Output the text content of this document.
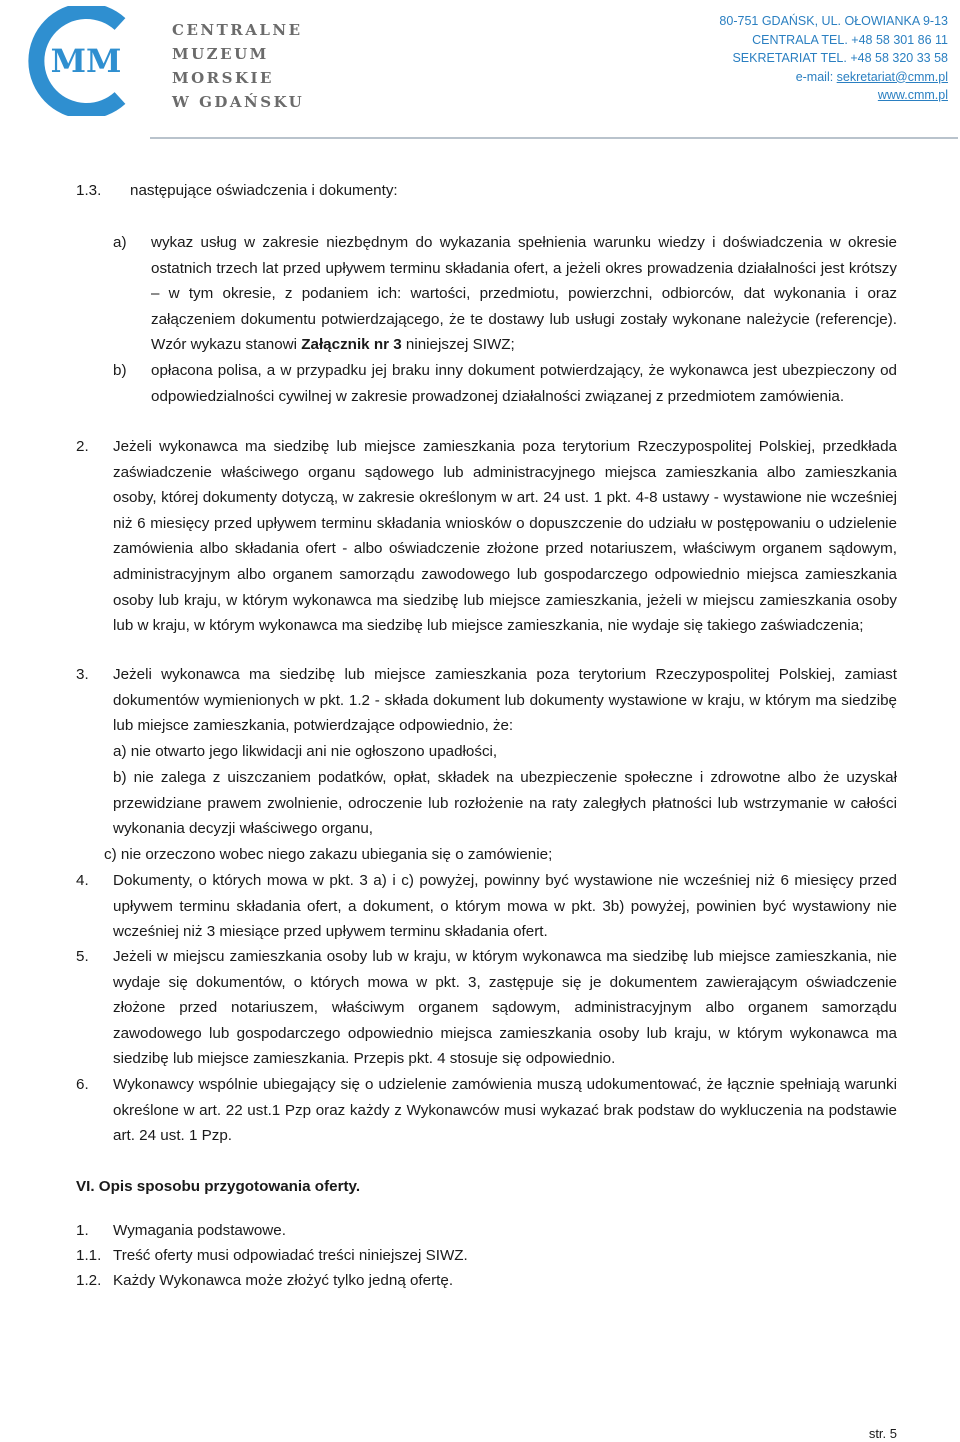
MM
CENTRALNE
MUZEUM
MORSKIE
W GDAŃSKU
80-751 GDAŃSK, UL. OŁOWIANKA 9-13
CENTRALA TEL. +48 58 301 86 11
SEKRETARIAT TEL. +48 58 320 33 58
e-mail: sekretariat@cmm.pl
www.cmm.pl
1.3. następujące oświadczenia i dokumenty:
a) wykaz usług w zakresie niezbędnym do wykazania spełnienia warunku wiedzy i doświadczenia w okresie ostatnich trzech lat przed upływem terminu składania ofert, a jeżeli okres prowadzenia działalności jest krótszy – w tym okresie, z podaniem ich: wartości, przedmiotu, powierzchni, odbiorców, dat wykonania i oraz załączeniem dokumentu potwierdzającego, że te dostawy lub usługi zostały wykonane należycie (referencje). Wzór wykazu stanowi Załącznik nr 3 niniejszej SIWZ;
b) opłacona polisa, a w przypadku jej braku inny dokument potwierdzający, że wykonawca jest ubezpieczony od odpowiedzialności cywilnej w zakresie prowadzonej działalności związanej z przedmiotem zamówienia.
2. Jeżeli wykonawca ma siedzibę lub miejsce zamieszkania poza terytorium Rzeczypospolitej Polskiej, przedkłada zaświadczenie właściwego organu sądowego lub administracyjnego miejsca zamieszkania albo zamieszkania osoby, której dokumenty dotyczą, w zakresie określonym w art. 24 ust. 1 pkt. 4-8 ustawy - wystawione nie wcześniej niż 6 miesięcy przed upływem terminu składania wniosków o dopuszczenie do udziału w postępowaniu o udzielenie zamówienia albo składania ofert - albo oświadczenie złożone przed notariuszem, właściwym organem sądowym, administracyjnym albo organem samorządu zawodowego lub gospodarczego odpowiednio miejsca zamieszkania osoby lub kraju, w którym wykonawca ma siedzibę lub miejsce zamieszkania, jeżeli w miejscu zamieszkania osoby lub w kraju, w którym wykonawca ma siedzibę lub miejsce zamieszkania, nie wydaje się takiego zaświadczenia;
3. Jeżeli wykonawca ma siedzibę lub miejsce zamieszkania poza terytorium Rzeczypospolitej Polskiej, zamiast dokumentów wymienionych w pkt. 1.2 - składa dokument lub dokumenty wystawione w kraju, w którym ma siedzibę lub miejsce zamieszkania, potwierdzające odpowiednio, że:
a) nie otwarto jego likwidacji ani nie ogłoszono upadłości,
b) nie zalega z uiszczaniem podatków, opłat, składek na ubezpieczenie społeczne i zdrowotne albo że uzyskał przewidziane prawem zwolnienie, odroczenie lub rozłożenie na raty zaległych płatności lub wstrzymanie w całości wykonania decyzji właściwego organu,
c) nie orzeczono wobec niego zakazu ubiegania się o zamówienie;
4. Dokumenty, o których mowa w pkt. 3 a) i c) powyżej, powinny być wystawione nie wcześniej niż 6 miesięcy przed upływem terminu składania ofert, a dokument, o którym mowa w pkt. 3b) powyżej, powinien być wystawiony nie wcześniej niż 3 miesiące przed upływem terminu składania ofert.
5. Jeżeli w miejscu zamieszkania osoby lub w kraju, w którym wykonawca ma siedzibę lub miejsce zamieszkania, nie wydaje się dokumentów, o których mowa w pkt. 3, zastępuje się je dokumentem zawierającym oświadczenie złożone przed notariuszem, właściwym organem sądowym, administracyjnym albo organem samorządu zawodowego lub gospodarczego odpowiednio miejsca zamieszkania osoby lub kraju, w którym wykonawca ma siedzibę lub miejsce zamieszkania. Przepis pkt. 4 stosuje się odpowiednio.
6. Wykonawcy wspólnie ubiegający się o udzielenie zamówienia muszą udokumentować, że łącznie spełniają warunki określone w art. 22 ust.1 Pzp oraz każdy z Wykonawców musi wykazać brak podstaw do wykluczenia na podstawie art. 24 ust. 1 Pzp.
VI. Opis sposobu przygotowania oferty.
1. Wymagania podstawowe.
1.1. Treść oferty musi odpowiadać treści niniejszej SIWZ.
1.2. Każdy Wykonawca może złożyć tylko jedną ofertę.
str. 5
